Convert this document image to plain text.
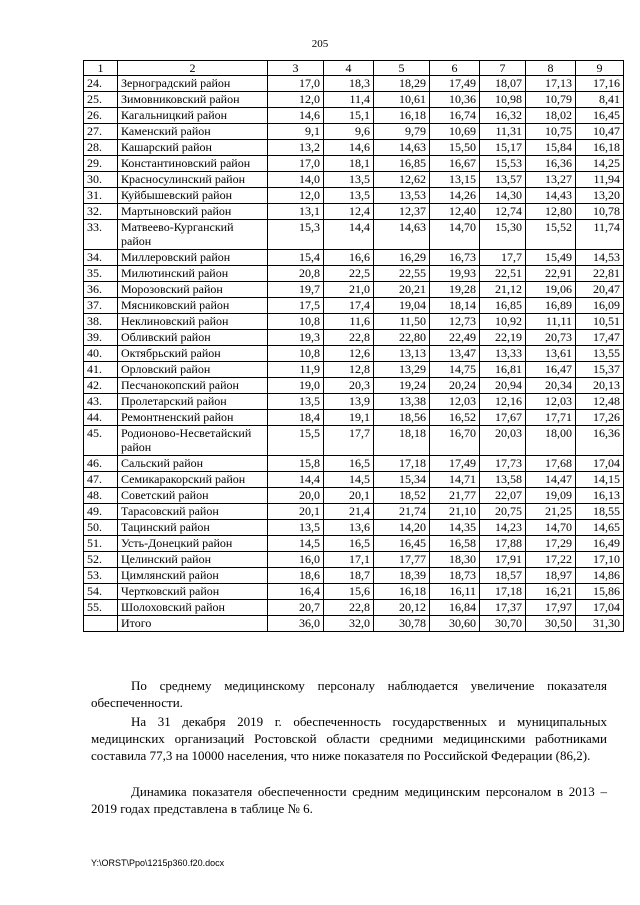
205
1	2	3	4	5	6	7	8	9
24.	Зерноградский район	17,0	18,3	18,29	17,49	18,07	17,13	17,16
25.	Зимовниковский район	12,0	11,4	10,61	10,36	10,98	10,79	8,41
26.	Кагальницкий район	14,6	15,1	16,18	16,74	16,32	18,02	16,45
27.	Каменский район	9,1	9,6	9,79	10,69	11,31	10,75	10,47
28.	Кашарский район	13,2	14,6	14,63	15,50	15,17	15,84	16,18
29.	Константиновский район	17,0	18,1	16,85	16,67	15,53	16,36	14,25
30.	Красносулинский район	14,0	13,5	12,62	13,15	13,57	13,27	11,94
31.	Куйбышевский район	12,0	13,5	13,53	14,26	14,30	14,43	13,20
32.	Мартыновский район	13,1	12,4	12,37	12,40	12,74	12,80	10,78
33.	Матвеево-Курганский район	15,3	14,4	14,63	14,70	15,30	15,52	11,74
34.	Миллеровский район	15,4	16,6	16,29	16,73	17,7	15,49	14,53
35.	Милютинский район	20,8	22,5	22,55	19,93	22,51	22,91	22,81
36.	Морозовский район	19,7	21,0	20,21	19,28	21,12	19,06	20,47
37.	Мясниковский район	17,5	17,4	19,04	18,14	16,85	16,89	16,09
38.	Неклиновский район	10,8	11,6	11,50	12,73	10,92	11,11	10,51
39.	Обливский район	19,3	22,8	22,80	22,49	22,19	20,73	17,47
40.	Октябрьский район	10,8	12,6	13,13	13,47	13,33	13,61	13,55
41.	Орловский район	11,9	12,8	13,29	14,75	16,81	16,47	15,37
42.	Песчанокопский район	19,0	20,3	19,24	20,24	20,94	20,34	20,13
43.	Пролетарский район	13,5	13,9	13,38	12,03	12,16	12,03	12,48
44.	Ремонтненский район	18,4	19,1	18,56	16,52	17,67	17,71	17,26
45.	Родионово-Несветайский район	15,5	17,7	18,18	16,70	20,03	18,00	16,36
46.	Сальский район	15,8	16,5	17,18	17,49	17,73	17,68	17,04
47.	Семикаракорский район	14,4	14,5	15,34	14,71	13,58	14,47	14,15
48.	Советский район	20,0	20,1	18,52	21,77	22,07	19,09	16,13
49.	Тарасовский район	20,1	21,4	21,74	21,10	20,75	21,25	18,55
50.	Тацинский район	13,5	13,6	14,20	14,35	14,23	14,70	14,65
51.	Усть-Донецкий район	14,5	16,5	16,45	16,58	17,88	17,29	16,49
52.	Целинский район	16,0	17,1	17,77	18,30	17,91	17,22	17,10
53.	Цимлянский район	18,6	18,7	18,39	18,73	18,57	18,97	14,86
54.	Чертковский район	16,4	15,6	16,18	16,11	17,18	16,21	15,86
55.	Шолоховский район	20,7	22,8	20,12	16,84	17,37	17,97	17,04
	Итого	36,0	32,0	30,78	30,60	30,70	30,50	31,30
По среднему медицинскому персоналу наблюдается увеличение показателя обеспеченности.
На 31 декабря 2019 г. обеспеченность государственных и муниципальных медицинских организаций Ростовской области средними медицинскими работниками составила 77,3 на 10000 населения, что ниже показателя по Российской Федерации (86,2).
Динамика показателя обеспеченности средним медицинским персоналом в 2013 – 2019 годах представлена в таблице № 6.
Y:\ORST\Ppo\1215p360.f20.docx
